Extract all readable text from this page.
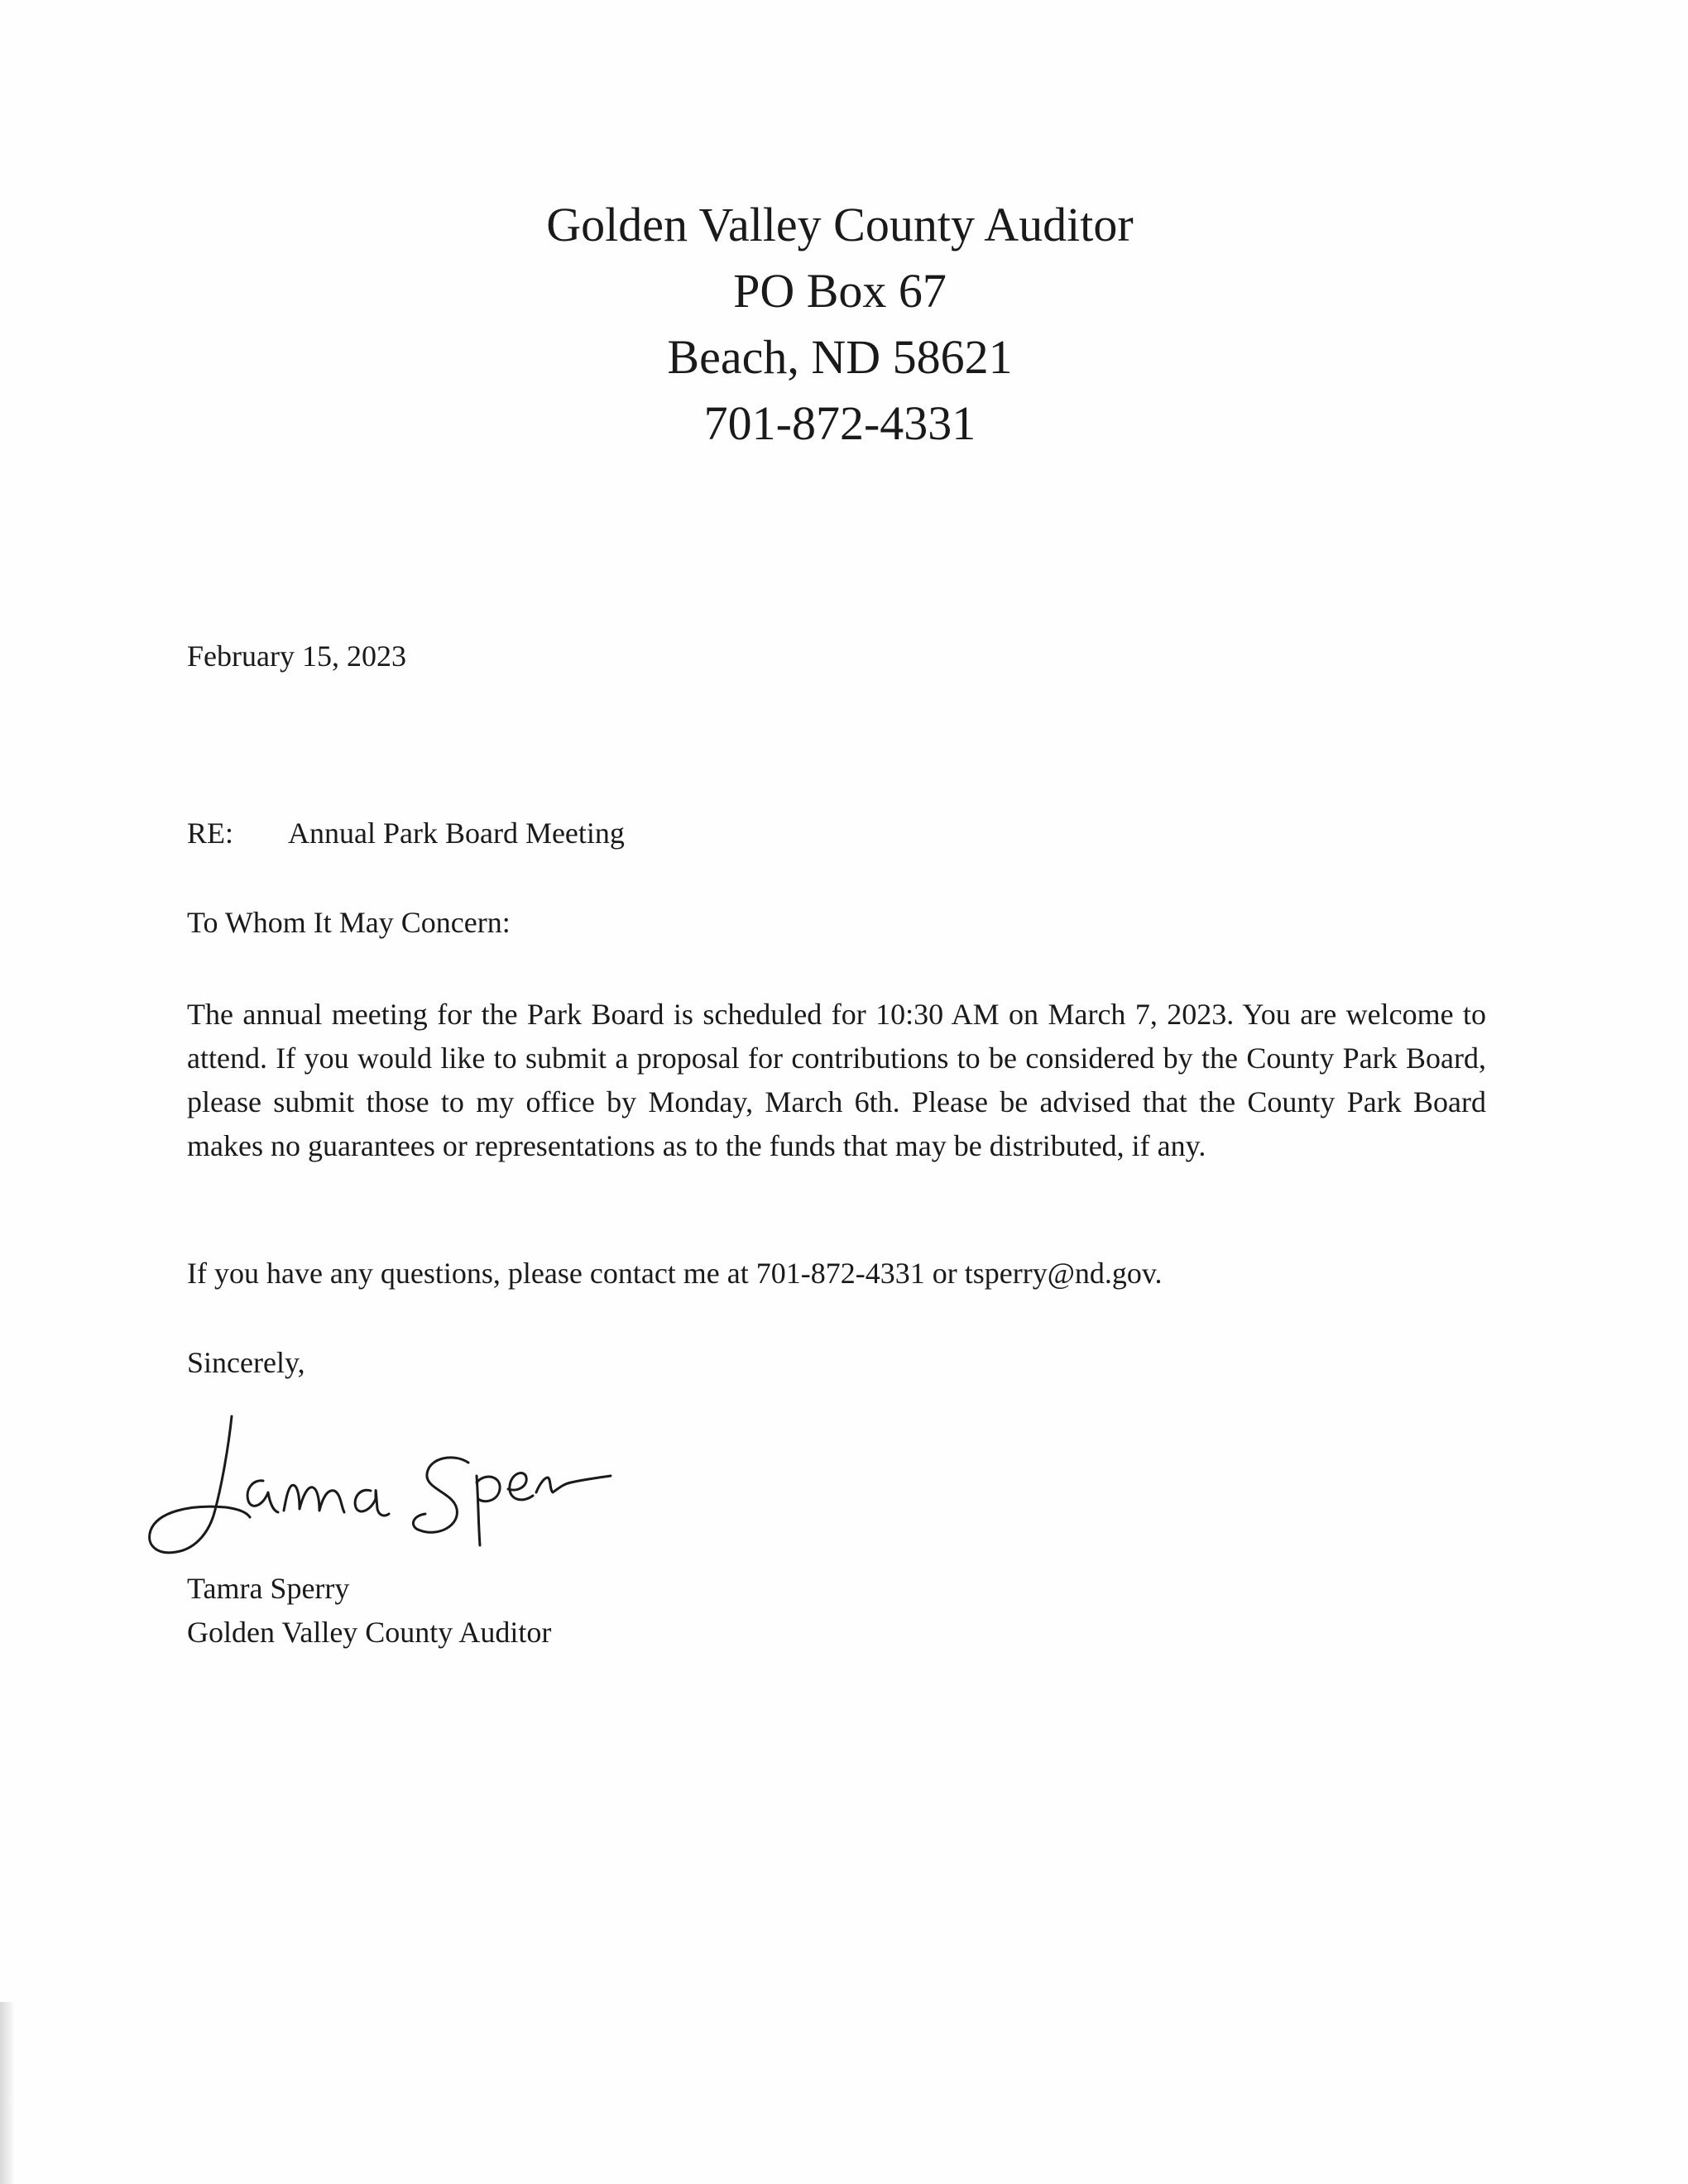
Golden Valley County Auditor
PO Box 67
Beach, ND 58621
701-872-4331
February 15, 2023
RE: Annual Park Board Meeting
To Whom It May Concern:
The annual meeting for the Park Board is scheduled for 10:30 AM on March 7, 2023. You are welcome to attend. If you would like to submit a proposal for contributions to be considered by the County Park Board, please submit those to my office by Monday, March 6th. Please be advised that the County Park Board makes no guarantees or representations as to the funds that may be distributed, if any.
If you have any questions, please contact me at 701-872-4331 or tsperry@nd.gov.
Sincerely,
Tamra Sperry
Golden Valley County Auditor
